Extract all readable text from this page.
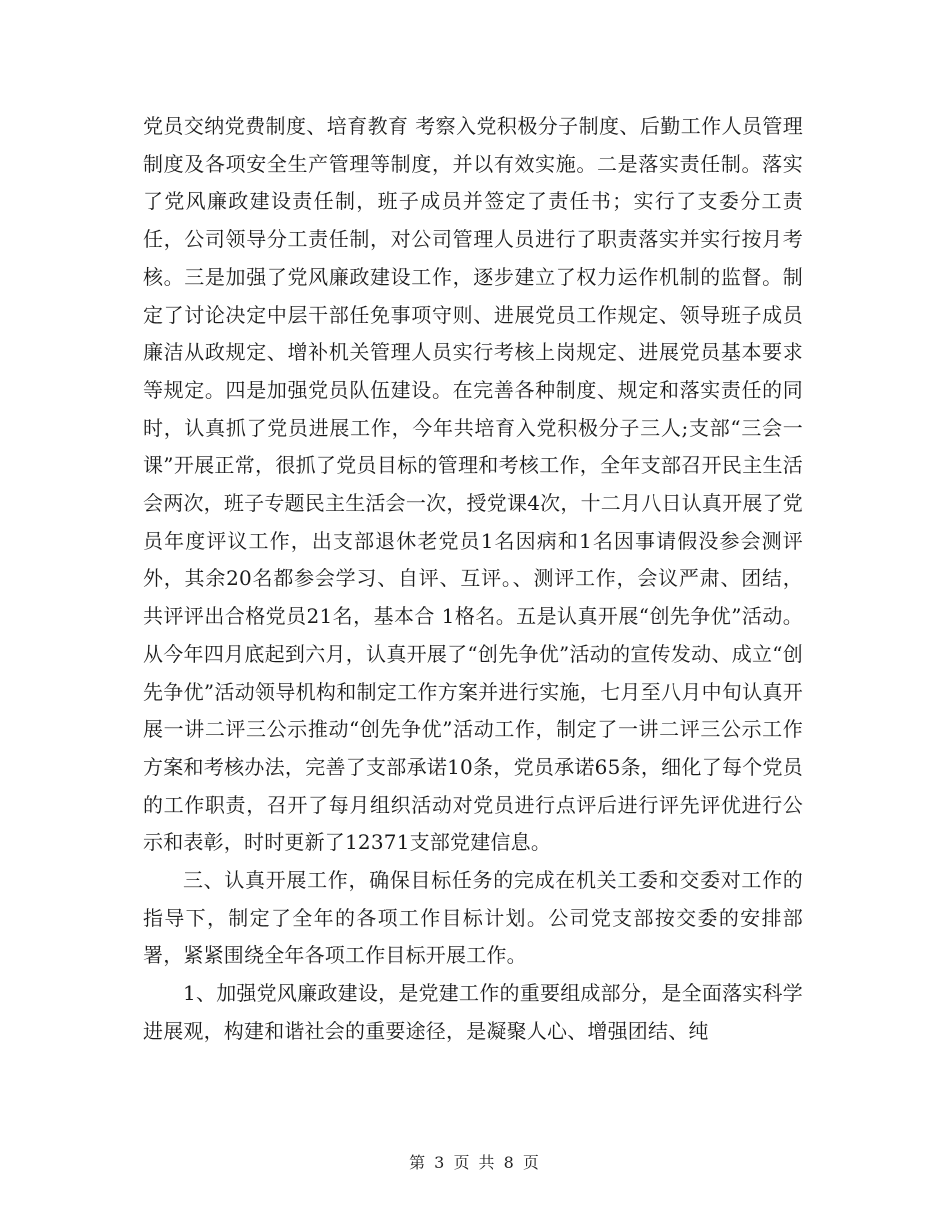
党员交纳党费制度、培育教育 考察入党积极分子制度、后勤工作人员管理制度及各项安全生产管理等制度，并以有效实施。二是落实责任制。落实了党风廉政建设责任制，班子成员并签定了责任书；实行了支委分工责任，公司领导分工责任制，对公司管理人员进行了职责落实并实行按月考核。三是加强了党风廉政建设工作，逐步建立了权力运作机制的监督。制定了讨论决定中层干部任免事项守则、进展党员工作规定、领导班子成员廉洁从政规定、增补机关管理人员实行考核上岗规定、进展党员基本要求等规定。四是加强党员队伍建设。在完善各种制度、规定和落实责任的同时，认真抓了党员进展工作，今年共培育入党积极分子三人;支部“三会一课”开展正常，很抓了党员目标的管理和考核工作，全年支部召开民主生活会两次，班子专题民主生活会一次，授党课4次，十二月八日认真开展了党员年度评议工作，出支部退休老党员1名因病和1名因事请假没参会测评外，其余20名都参会学习、自评、互评。、测评工作，会议严肃、团结，共评评出合格党员21名，基本合 1格名。五是认真开展“创先争优”活动。从今年四月底起到六月，认真开展了“创先争优”活动的宣传发动、成立“创先争优”活动领导机构和制定工作方案并进行实施，七月至八月中旬认真开展一讲二评三公示推动“创先争优”活动工作，制定了一讲二评三公示工作方案和考核办法，完善了支部承诺10条，党员承诺65条，细化了每个党员的工作职责，召开了每月组织活动对党员进行点评后进行评先评优进行公示和表彰，时时更新了12371支部党建信息。

三、认真开展工作，确保目标任务的完成在机关工委和交委对工作的指导下，制定了全年的各项工作目标计划。公司党支部按交委的安排部署，紧紧围绕全年各项工作目标开展工作。

1、加强党风廉政建设，是党建工作的重要组成部分，是全面落实科学进展观，构建和谐社会的重要途径，是凝聚人心、增强团结、纯

第 3 页 共 8 页
